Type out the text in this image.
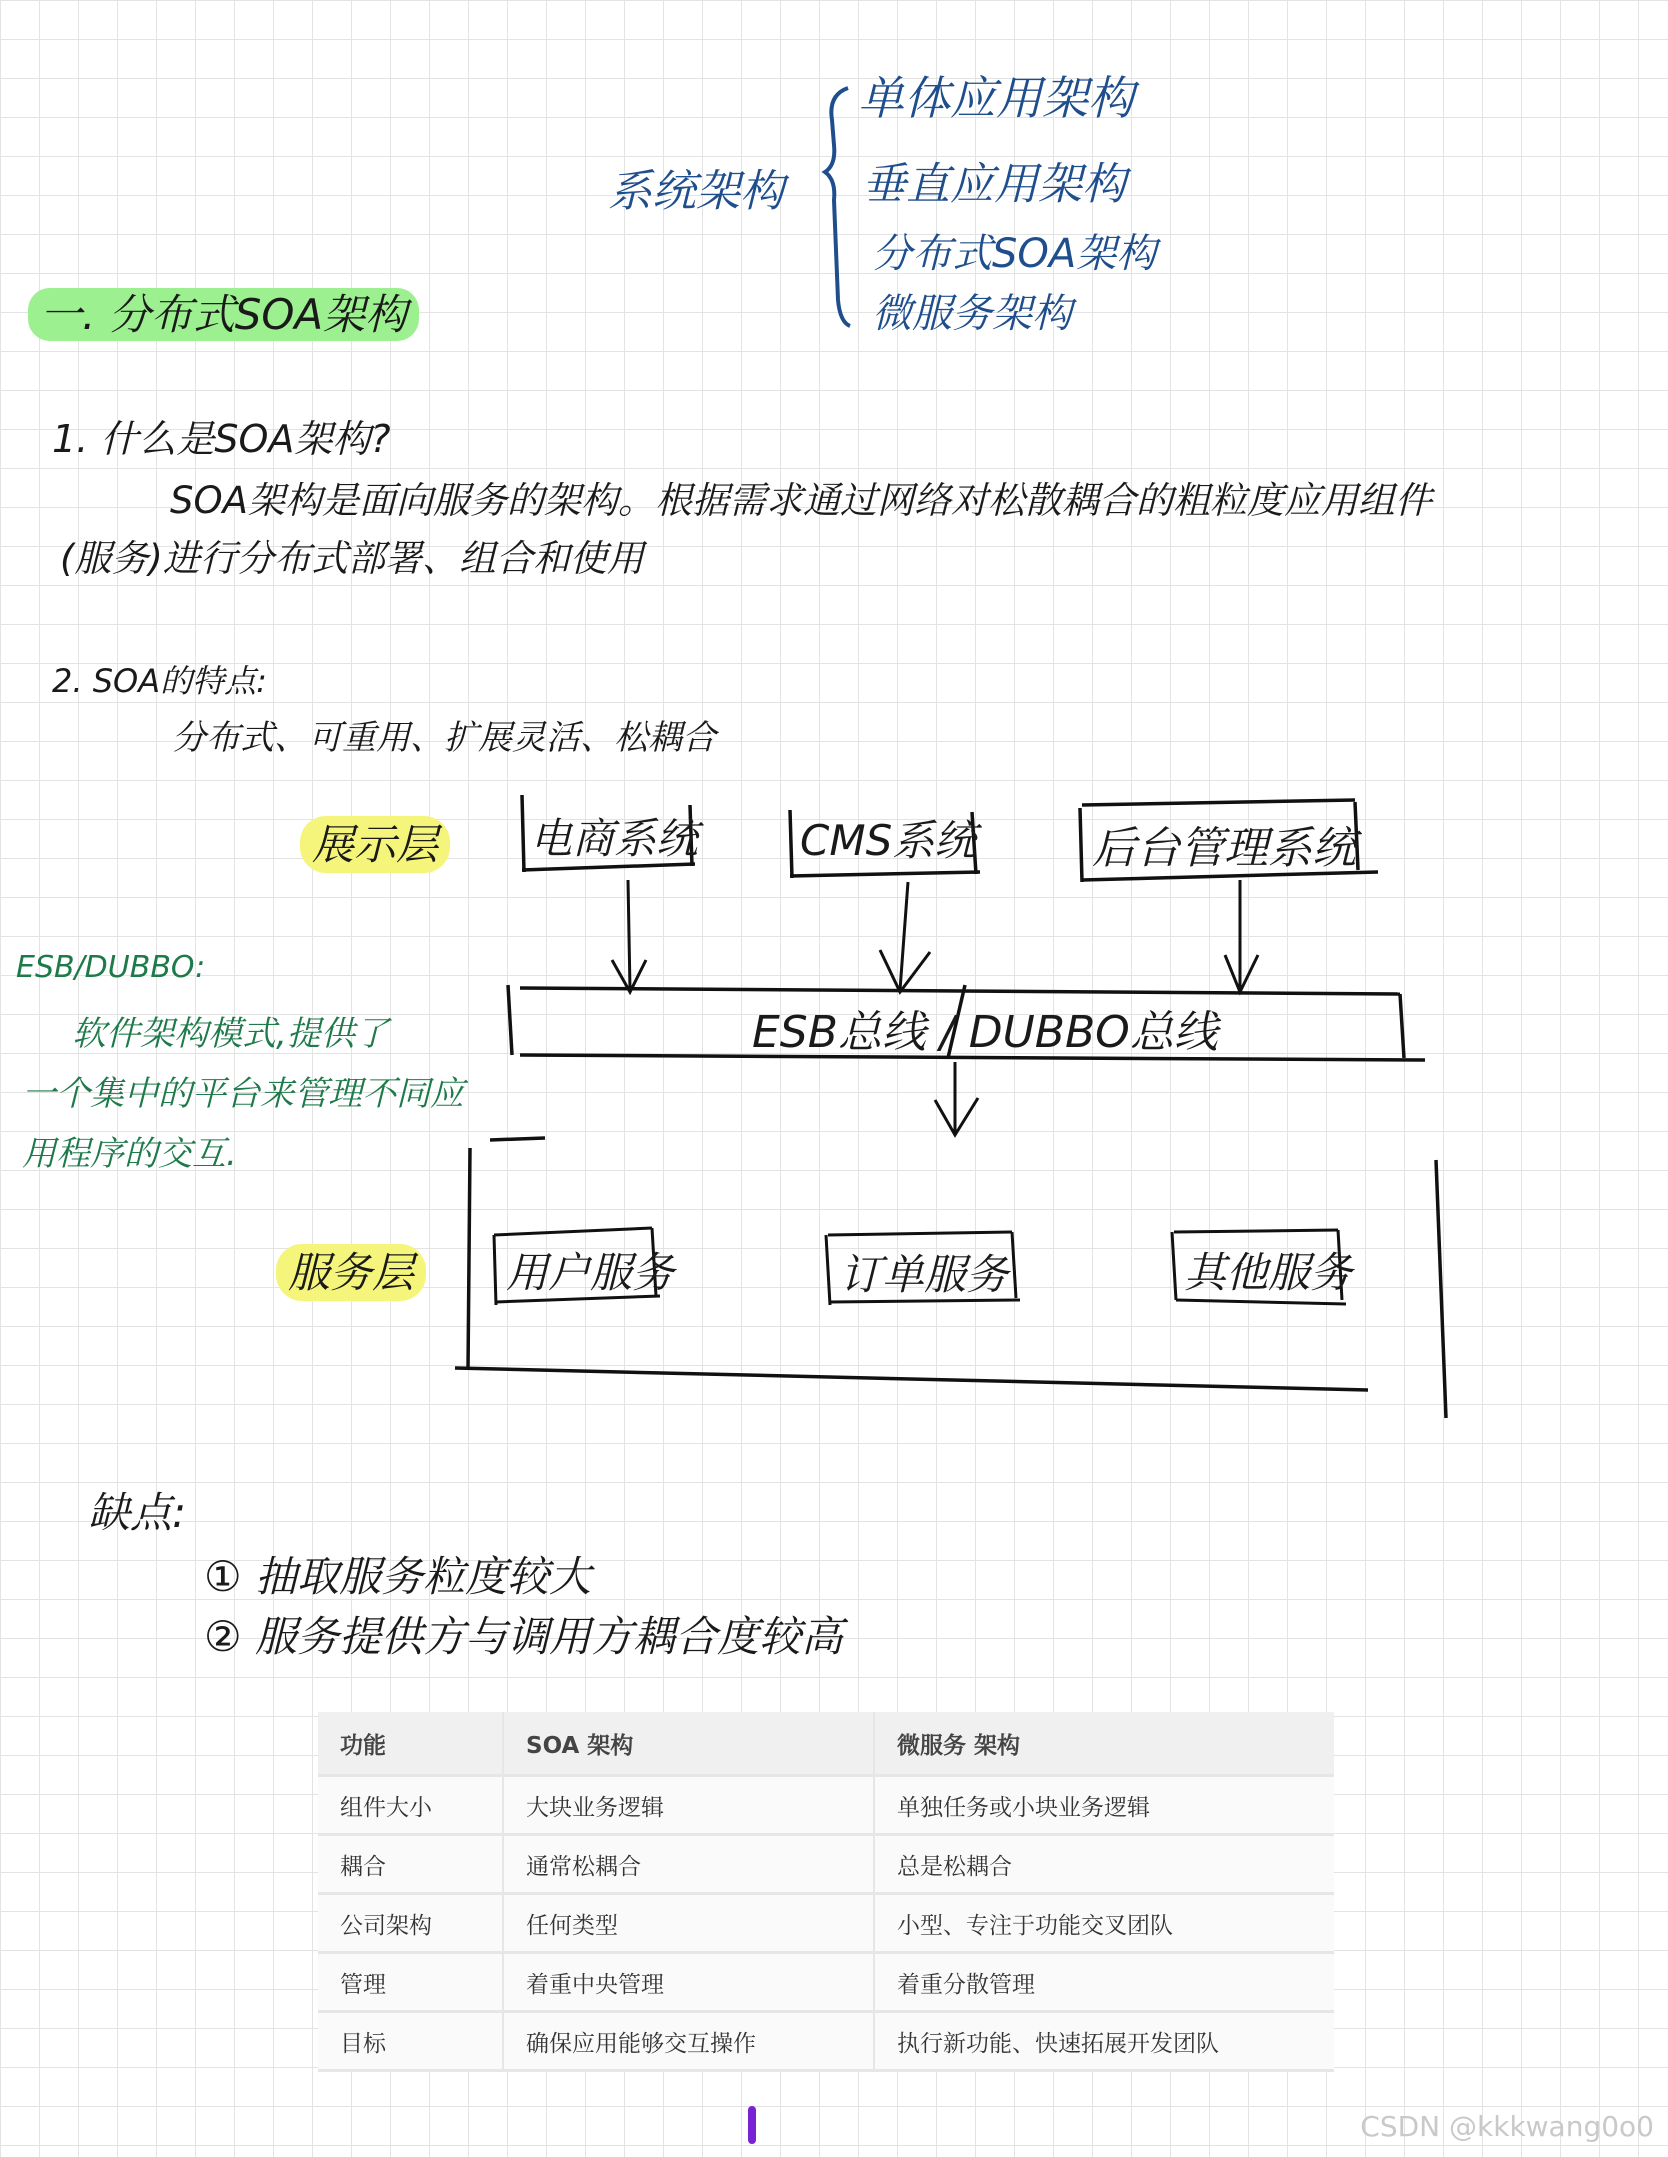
系统架构
单体应用架构
垂直应用架构
分布式SOA架构
微服务架构
一. 分布式SOA架构
1. 什么是SOA架构?
SOA架构是面向服务的架构。根据需求通过网络对松散耦合的粗粒度应用组件
(服务)进行分布式部署、组合和使用
2. SOA的特点:
分布式、可重用、扩展灵活、松耦合
展示层 电商系统 CMS系统	后台管理系统
ESB总线 / DUBBO总线
服务层 用户服务	订单服务	其他服务
ESB/DUBBO:
软件架构模式,提供了
一个集中的平台来管理不同应
用程序的交互.
缺点:
① 抽取服务粒度较大
② 服务提供方与调用方耦合度较高
功能	SOA 架构	微服务 架构
组件大小	大块业务逻辑	单独任务或小块业务逻辑
耦合	通常松耦合	总是松耦合
公司架构	任何类型	小型、专注于功能交叉团队
管理	着重中央管理	着重分散管理
目标	确保应用能够交互操作	执行新功能、快速拓展开发团队
CSDN @kkkwang0o0
